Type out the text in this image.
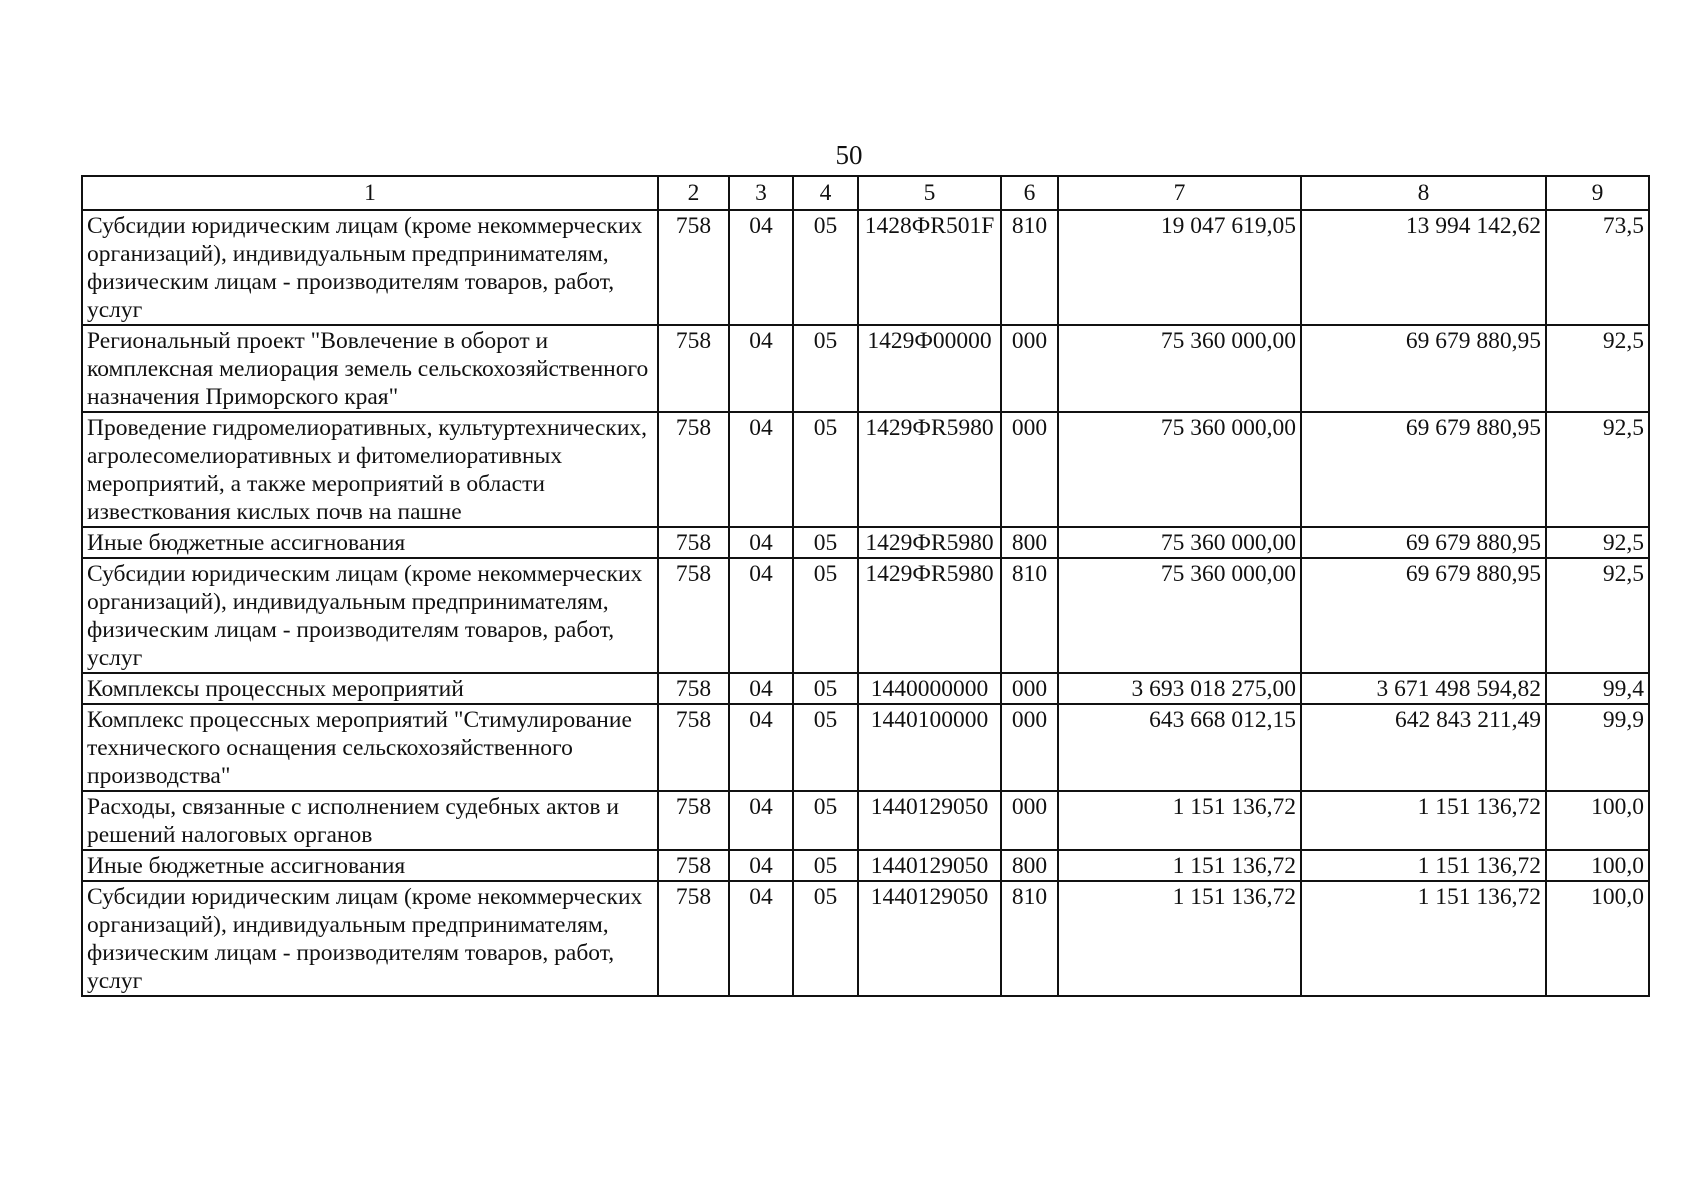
50
1	2	3	4	5	6	7	8	9
Субсидии юридическим лицам (кроме некоммерческих организаций), индивидуальным предпринимателям, физическим лицам - производителям товаров, работ, услуг	758	04	05	1428ФR501F	810	19 047 619,05	13 994 142,62	73,5
Региональный проект "Вовлечение в оборот и комплексная мелиорация земель сельскохозяйственного назначения Приморского края"	758	04	05	1429Ф00000	000	75 360 000,00	69 679 880,95	92,5
Проведение гидромелиоративных, культуртехнических, агролесомелиоративных и фитомелиоративных мероприятий, а также мероприятий в области известкования кислых почв на пашне	758	04	05	1429ФR5980	000	75 360 000,00	69 679 880,95	92,5
Иные бюджетные ассигнования	758	04	05	1429ФR5980	800	75 360 000,00	69 679 880,95	92,5
Субсидии юридическим лицам (кроме некоммерческих организаций), индивидуальным предпринимателям, физическим лицам - производителям товаров, работ, услуг	758	04	05	1429ФR5980	810	75 360 000,00	69 679 880,95	92,5
Комплексы процессных мероприятий	758	04	05	1440000000	000	3 693 018 275,00	3 671 498 594,82	99,4
Комплекс процессных мероприятий "Стимулирование технического оснащения сельскохозяйственного производства"	758	04	05	1440100000	000	643 668 012,15	642 843 211,49	99,9
Расходы, связанные с исполнением судебных актов и решений налоговых органов	758	04	05	1440129050	000	1 151 136,72	1 151 136,72	100,0
Иные бюджетные ассигнования	758	04	05	1440129050	800	1 151 136,72	1 151 136,72	100,0
Субсидии юридическим лицам (кроме некоммерческих организаций), индивидуальным предпринимателям, физическим лицам - производителям товаров, работ, услуг	758	04	05	1440129050	810	1 151 136,72	1 151 136,72	100,0
